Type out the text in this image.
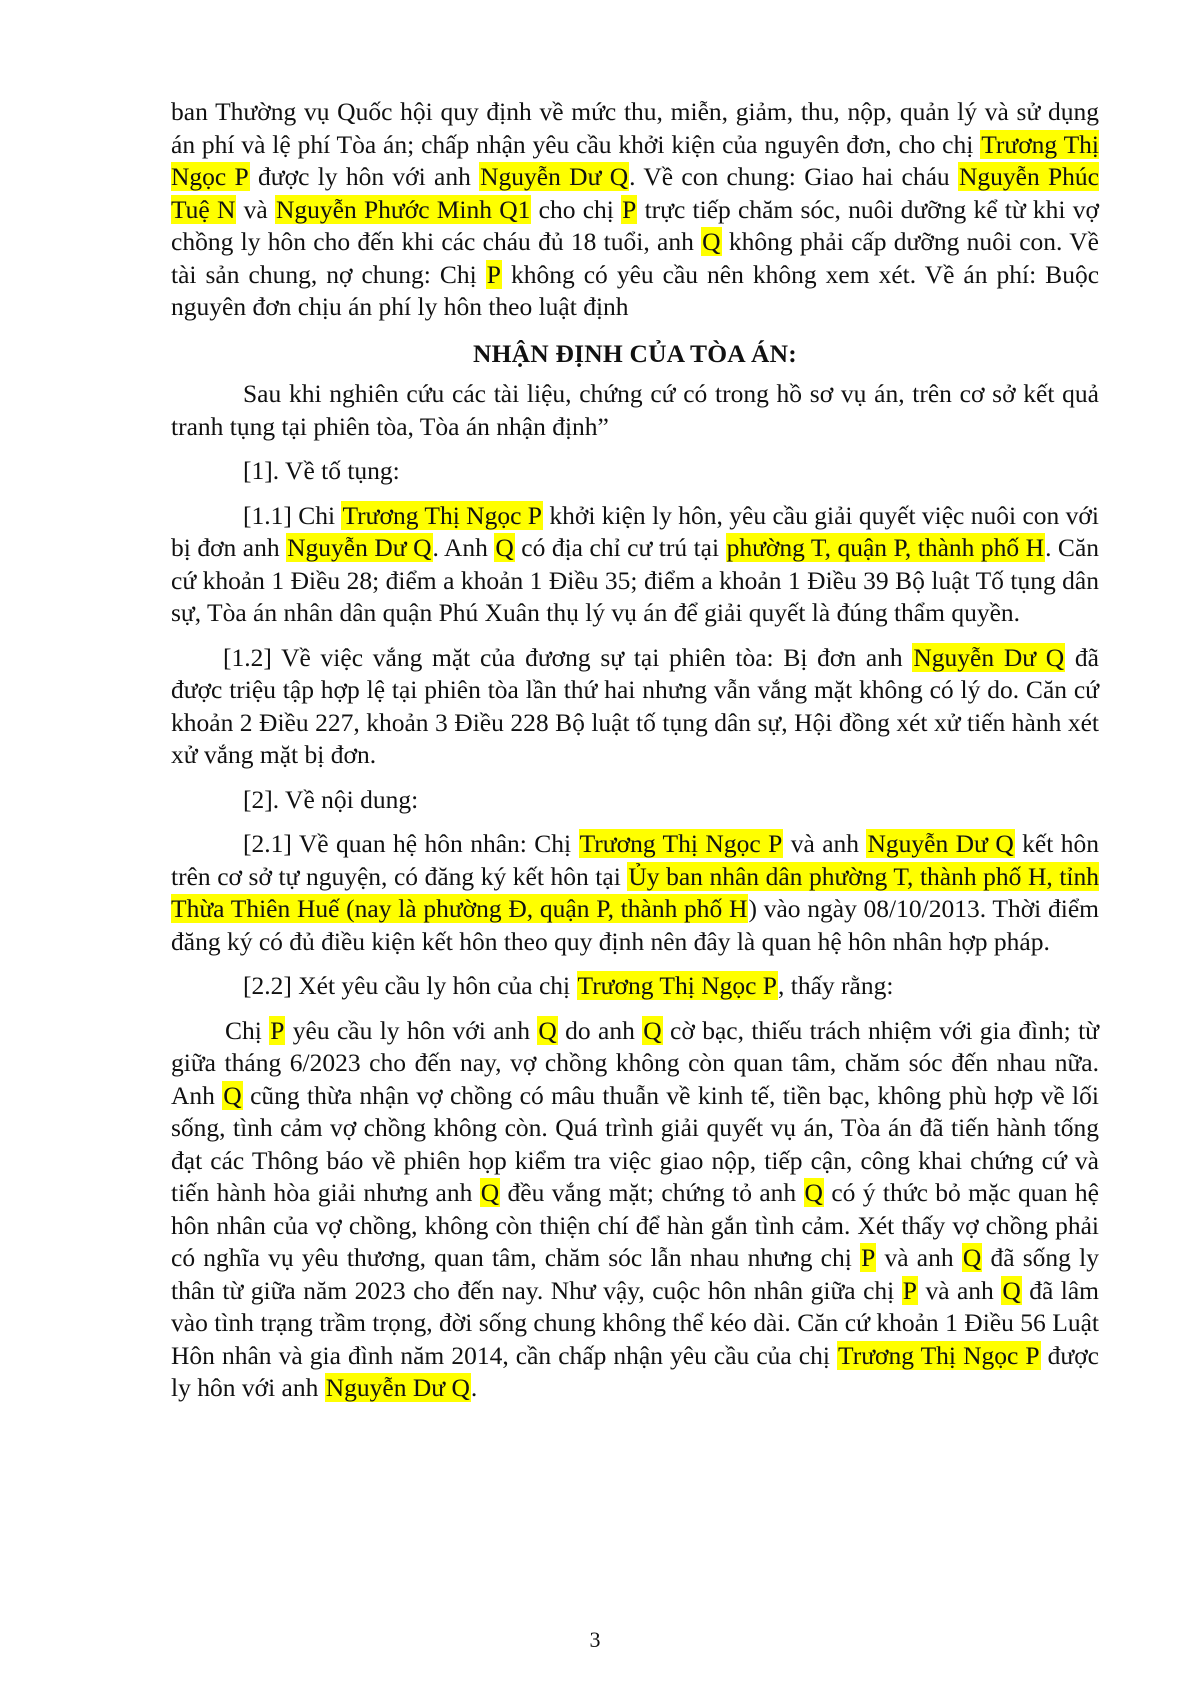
ban Thường vụ Quốc hội quy định về mức thu, miễn, giảm, thu, nộp, quản lý và sử dụng án phí và lệ phí Tòa án; chấp nhận yêu cầu khởi kiện của nguyên đơn, cho chị Trương Thị Ngọc P được ly hôn với anh Nguyễn Dư Q. Về con chung: Giao hai cháu Nguyễn Phúc Tuệ N và Nguyễn Phước Minh Q1 cho chị P trực tiếp chăm sóc, nuôi dưỡng kể từ khi vợ chồng ly hôn cho đến khi các cháu đủ 18 tuổi, anh Q không phải cấp dưỡng nuôi con. Về tài sản chung, nợ chung: Chị P không có yêu cầu nên không xem xét. Về án phí: Buộc nguyên đơn chịu án phí ly hôn theo luật định

NHẬN ĐỊNH CỦA TÒA ÁN:

Sau khi nghiên cứu các tài liệu, chứng cứ có trong hồ sơ vụ án, trên cơ sở kết quả tranh tụng tại phiên tòa, Tòa án nhận định”

[1]. Về tố tụng:

[1.1] Chi Trương Thị Ngọc P khởi kiện ly hôn, yêu cầu giải quyết việc nuôi con với bị đơn anh Nguyễn Dư Q. Anh Q có địa chỉ cư trú tại phường T, quận P, thành phố H. Căn cứ khoản 1 Điều 28; điểm a khoản 1 Điều 35; điểm a khoản 1 Điều 39 Bộ luật Tố tụng dân sự, Tòa án nhân dân quận Phú Xuân thụ lý vụ án để giải quyết là đúng thẩm quyền.

[1.2] Về việc vắng mặt của đương sự tại phiên tòa: Bị đơn anh Nguyễn Dư Q đã được triệu tập hợp lệ tại phiên tòa lần thứ hai nhưng vẫn vắng mặt không có lý do. Căn cứ khoản 2 Điều 227, khoản 3 Điều 228 Bộ luật tố tụng dân sự, Hội đồng xét xử tiến hành xét xử vắng mặt bị đơn.

[2]. Về nội dung:

[2.1] Về quan hệ hôn nhân: Chị Trương Thị Ngọc P và anh Nguyễn Dư Q kết hôn trên cơ sở tự nguyện, có đăng ký kết hôn tại Ủy ban nhân dân phường T, thành phố H, tỉnh Thừa Thiên Huế (nay là phường Đ, quận P, thành phố H) vào ngày 08/10/2013. Thời điểm đăng ký có đủ điều kiện kết hôn theo quy định nên đây là quan hệ hôn nhân hợp pháp.

[2.2] Xét yêu cầu ly hôn của chị Trương Thị Ngọc P, thấy rằng:

Chị P yêu cầu ly hôn với anh Q do anh Q cờ bạc, thiếu trách nhiệm với gia đình; từ giữa tháng 6/2023 cho đến nay, vợ chồng không còn quan tâm, chăm sóc đến nhau nữa. Anh Q cũng thừa nhận vợ chồng có mâu thuẫn về kinh tế, tiền bạc, không phù hợp về lối sống, tình cảm vợ chồng không còn. Quá trình giải quyết vụ án, Tòa án đã tiến hành tống đạt các Thông báo về phiên họp kiểm tra việc giao nộp, tiếp cận, công khai chứng cứ và tiến hành hòa giải nhưng anh Q đều vắng mặt; chứng tỏ anh Q có ý thức bỏ mặc quan hệ hôn nhân của vợ chồng, không còn thiện chí để hàn gắn tình cảm. Xét thấy vợ chồng phải có nghĩa vụ yêu thương, quan tâm, chăm sóc lẫn nhau nhưng chị P và anh Q đã sống ly thân từ giữa năm 2023 cho đến nay. Như vậy, cuộc hôn nhân giữa chị P và anh Q đã lâm vào tình trạng trầm trọng, đời sống chung không thể kéo dài. Căn cứ khoản 1 Điều 56 Luật Hôn nhân và gia đình năm 2014, cần chấp nhận yêu cầu của chị Trương Thị Ngọc P được ly hôn với anh Nguyễn Dư Q.

3
